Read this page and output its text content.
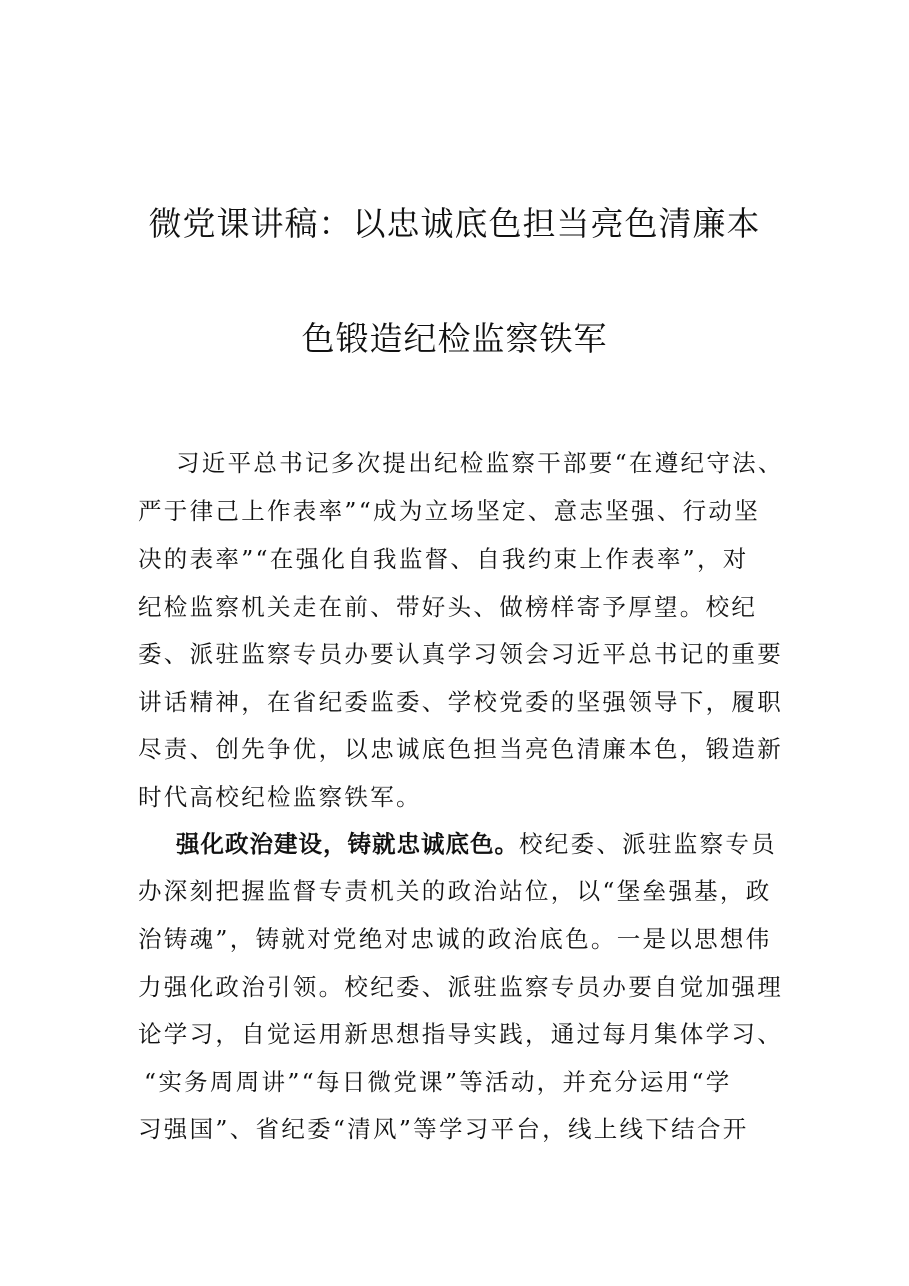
微党课讲稿：以忠诚底色担当亮色清廉本
色锻造纪检监察铁军
习近平总书记多次提出纪检监察干部要“在遵纪守法、
严于律己上作表率”“成为立场坚定、意志坚强、行动坚
决的表率”“在强化自我监督、自我约束上作表率”，对
纪检监察机关走在前、带好头、做榜样寄予厚望。校纪
委、派驻监察专员办要认真学习领会习近平总书记的重要
讲话精神，在省纪委监委、学校党委的坚强领导下，履职
尽责、创先争优，以忠诚底色担当亮色清廉本色，锻造新
时代高校纪检监察铁军。
强化政治建设，铸就忠诚底色。校纪委、派驻监察专员
办深刻把握监督专责机关的政治站位，以“堡垒强基，政
治铸魂”，铸就对党绝对忠诚的政治底色。一是以思想伟
力强化政治引领。校纪委、派驻监察专员办要自觉加强理
论学习，自觉运用新思想指导实践，通过每月集体学习、
“实务周周讲”“每日微党课”等活动，并充分运用“学
习强国”、省纪委“清风”等学习平台，线上线下结合开
